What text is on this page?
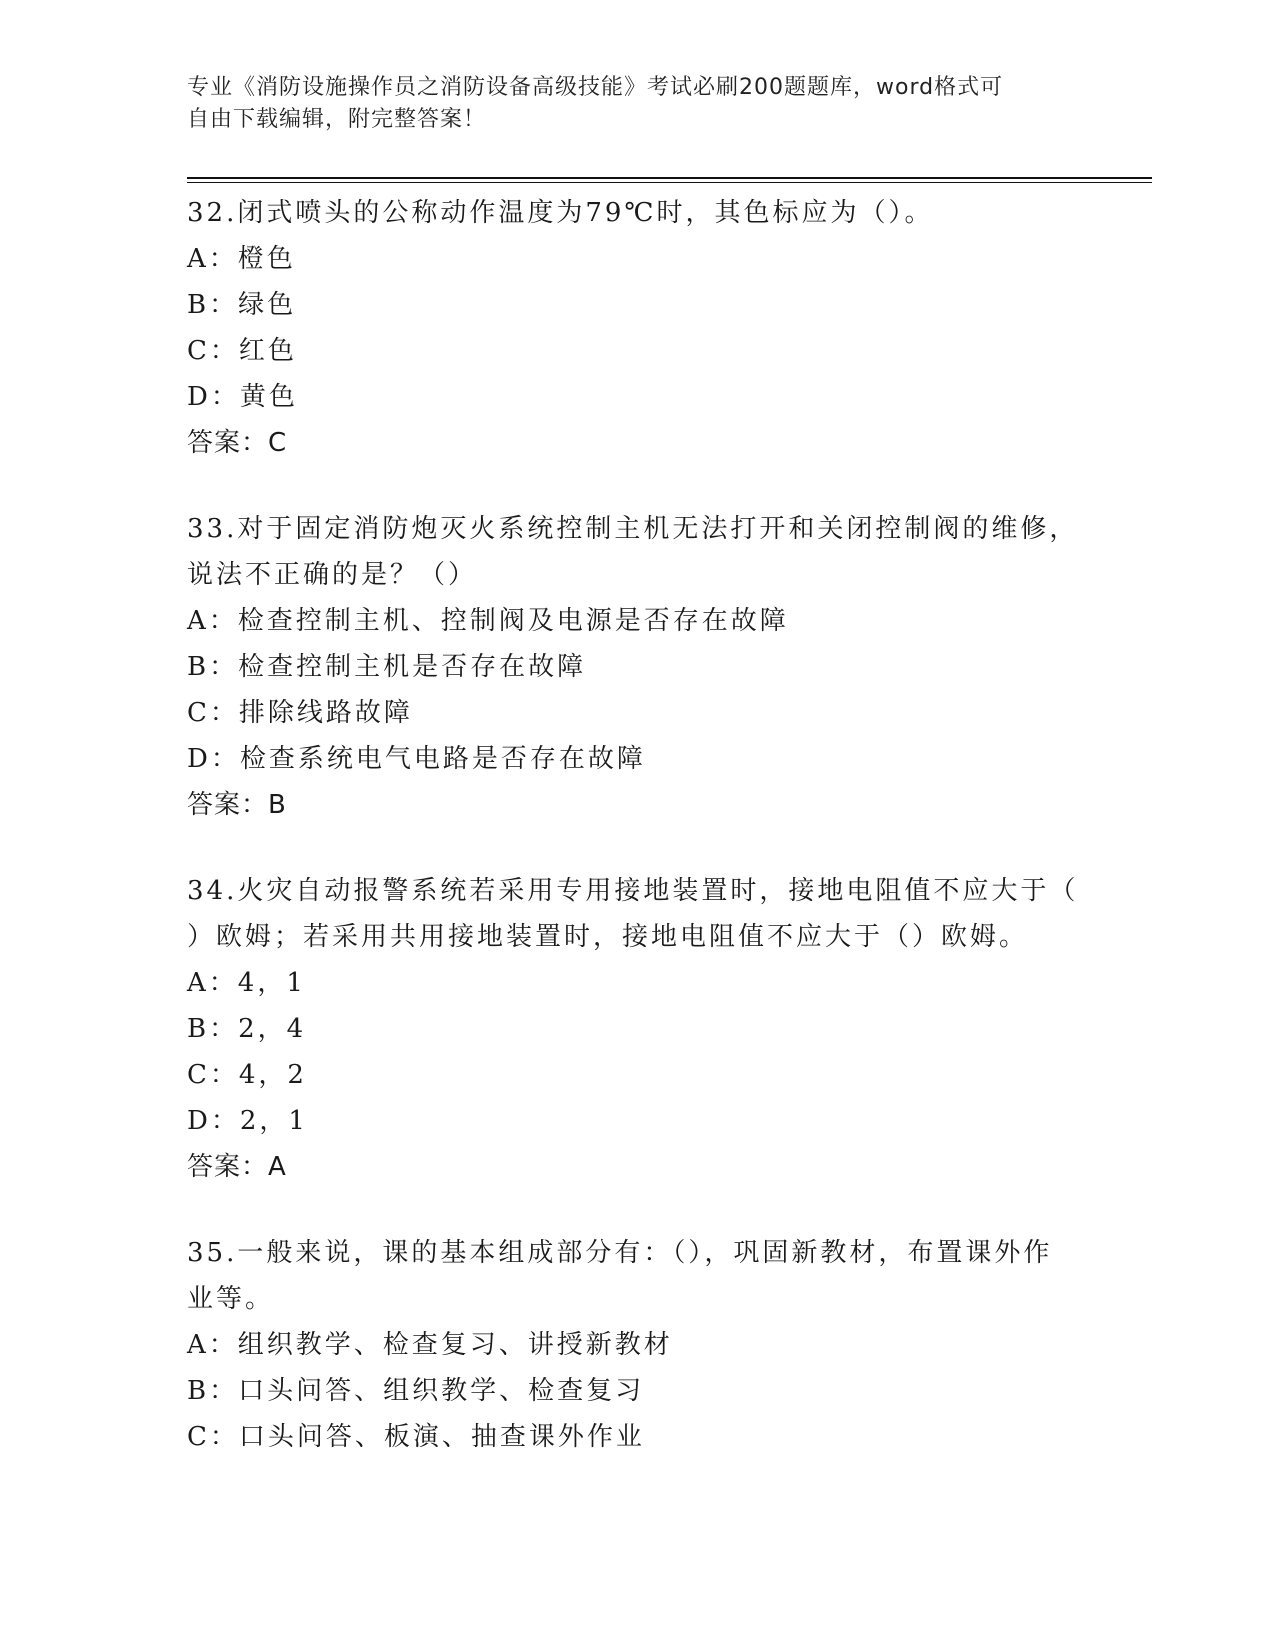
专业《消防设施操作员之消防设备高级技能》考试必刷200题题库，word格式可
自由下载编辑，附完整答案！
32.闭式喷头的公称动作温度为79℃时，其色标应为（）。
A：橙色
B：绿色
C：红色
D：黄色
答案：C
33.对于固定消防炮灭火系统控制主机无法打开和关闭控制阀的维修，
说法不正确的是？（）
A：检查控制主机、控制阀及电源是否存在故障
B：检查控制主机是否存在故障
C：排除线路故障
D：检查系统电气电路是否存在故障
答案：B
34.火灾自动报警系统若采用专用接地装置时，接地电阻值不应大于（
）欧姆；若采用共用接地装置时，接地电阻值不应大于（）欧姆。
A：4，1
B：2，4
C：4，2
D：2，1
答案：A
35.一般来说，课的基本组成部分有：（），巩固新教材，布置课外作
业等。
A：组织教学、检查复习、讲授新教材
B：口头问答、组织教学、检查复习
C：口头问答、板演、抽查课外作业
